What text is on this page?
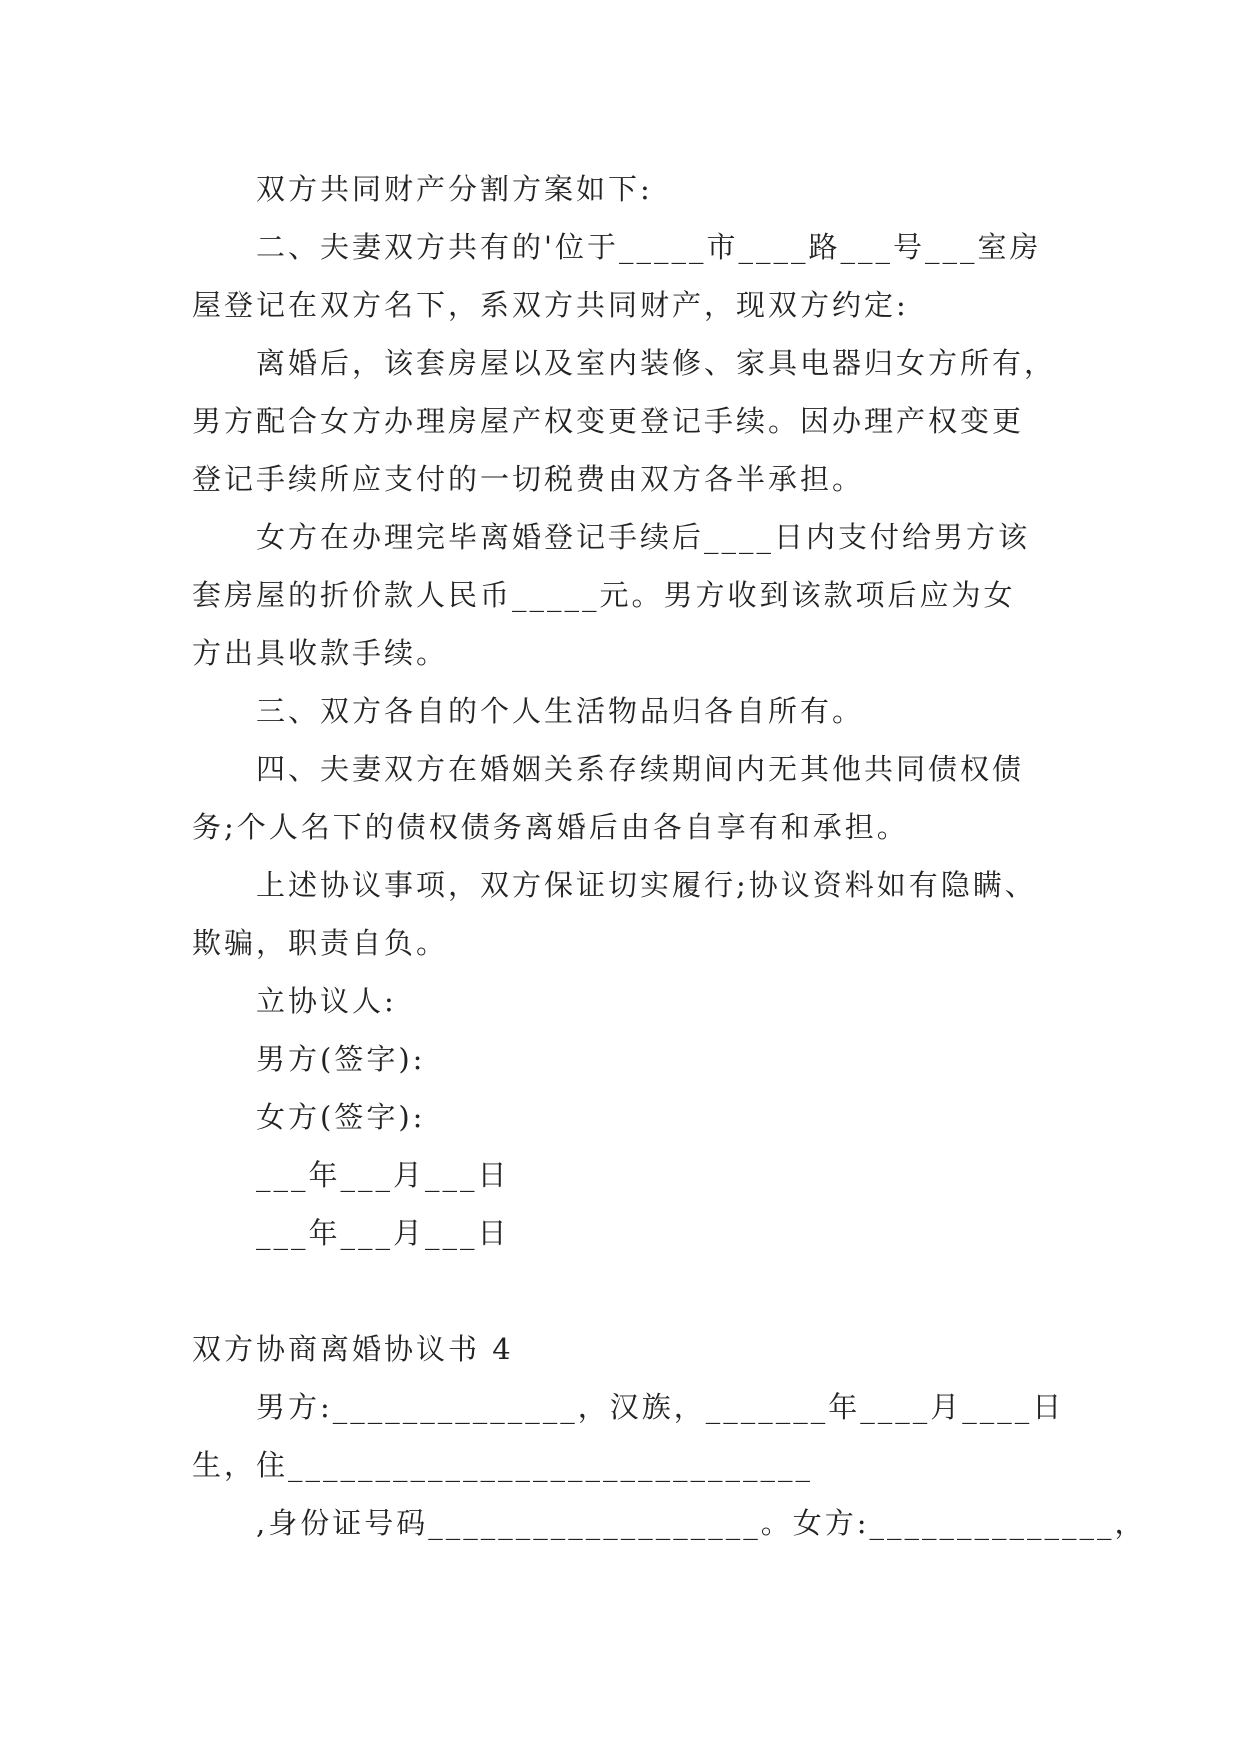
双方共同财产分割方案如下:
二、夫妻双方共有的'位于_____市____路___号___室房
屋登记在双方名下，系双方共同财产，现双方约定:
离婚后，该套房屋以及室内装修、家具电器归女方所有，
男方配合女方办理房屋产权变更登记手续。因办理产权变更
登记手续所应支付的一切税费由双方各半承担。
女方在办理完毕离婚登记手续后____日内支付给男方该
套房屋的折价款人民币_____元。男方收到该款项后应为女
方出具收款手续。
三、双方各自的个人生活物品归各自所有。
四、夫妻双方在婚姻关系存续期间内无其他共同债权债
务;个人名下的债权债务离婚后由各自享有和承担。
上述协议事项，双方保证切实履行;协议资料如有隐瞒、
欺骗，职责自负。
立协议人:
男方(签字):
女方(签字):
___年___月___日
___年___月___日
双方协商离婚协议书 4
男方:______________，汉族，_______年____月____日
生，住______________________________
,身份证号码___________________。女方:______________，
